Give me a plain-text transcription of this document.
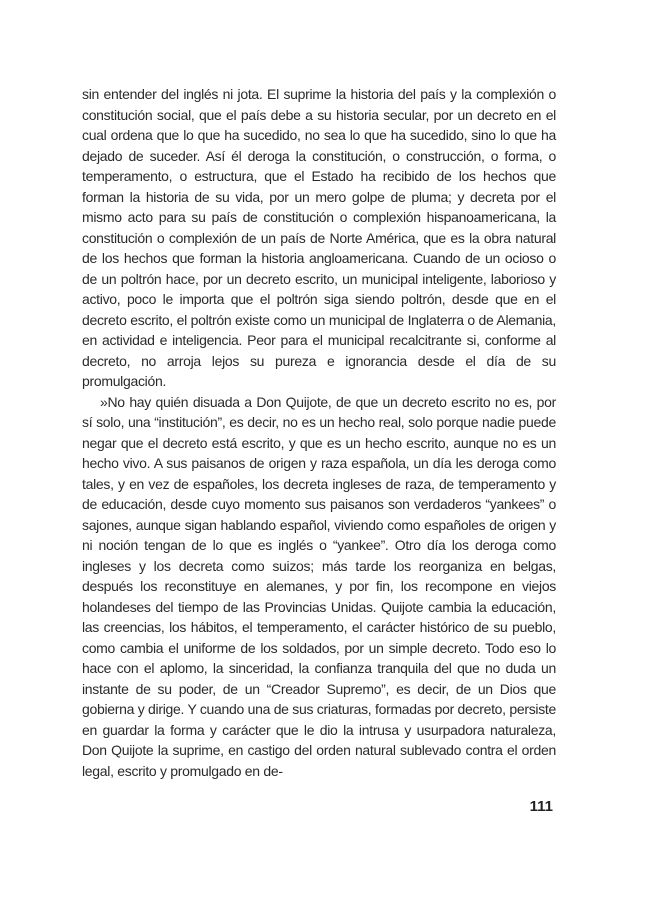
sin entender del inglés ni jota. El suprime la historia del país y la complexión o constitución social, que el país debe a su historia secular, por un decreto en el cual ordena que lo que ha sucedido, no sea lo que ha sucedido, sino lo que ha dejado de suceder. Así él deroga la constitución, o construcción, o forma, o temperamento, o estructura, que el Estado ha recibido de los hechos que forman la historia de su vida, por un mero golpe de pluma; y decreta por el mismo acto para su país de constitución o complexión hispanoamericana, la constitución o complexión de un país de Norte América, que es la obra natural de los hechos que forman la historia angloamericana. Cuando de un ocioso o de un poltrón hace, por un decreto escrito, un municipal inteligente, laborioso y activo, poco le importa que el poltrón siga siendo poltrón, desde que en el decreto escrito, el poltrón existe como un municipal de Inglaterra o de Alemania, en actividad e inteligencia. Peor para el municipal recalcitrante si, conforme al decreto, no arroja lejos su pureza e ignorancia desde el día de su promulgación.

»No hay quién disuada a Don Quijote, de que un decreto escrito no es, por sí solo, una “institución”, es decir, no es un hecho real, solo porque nadie puede negar que el decreto está escrito, y que es un hecho escrito, aunque no es un hecho vivo. A sus paisanos de origen y raza española, un día les deroga como tales, y en vez de españoles, los decreta ingleses de raza, de temperamento y de educación, desde cuyo momento sus paisanos son verdaderos “yankees” o sajones, aunque sigan hablando español, viviendo como españoles de origen y ni noción tengan de lo que es inglés o “yankee”. Otro día los deroga como ingleses y los decreta como suizos; más tarde los reorganiza en belgas, después los reconstituye en alemanes, y por fin, los recompone en viejos holandeses del tiempo de las Provincias Unidas. Quijote cambia la educación, las creencias, los hábitos, el temperamento, el carácter histórico de su pueblo, como cambia el uniforme de los soldados, por un simple decreto. Todo eso lo hace con el aplomo, la sinceridad, la confianza tranquila del que no duda un instante de su poder, de un “Creador Supremo”, es decir, de un Dios que gobierna y dirige. Y cuando una de sus criaturas, formadas por decreto, persiste en guardar la forma y carácter que le dio la intrusa y usurpadora naturaleza, Don Quijote la suprime, en castigo del orden natural sublevado contra el orden legal, escrito y promulgado en de-

111
